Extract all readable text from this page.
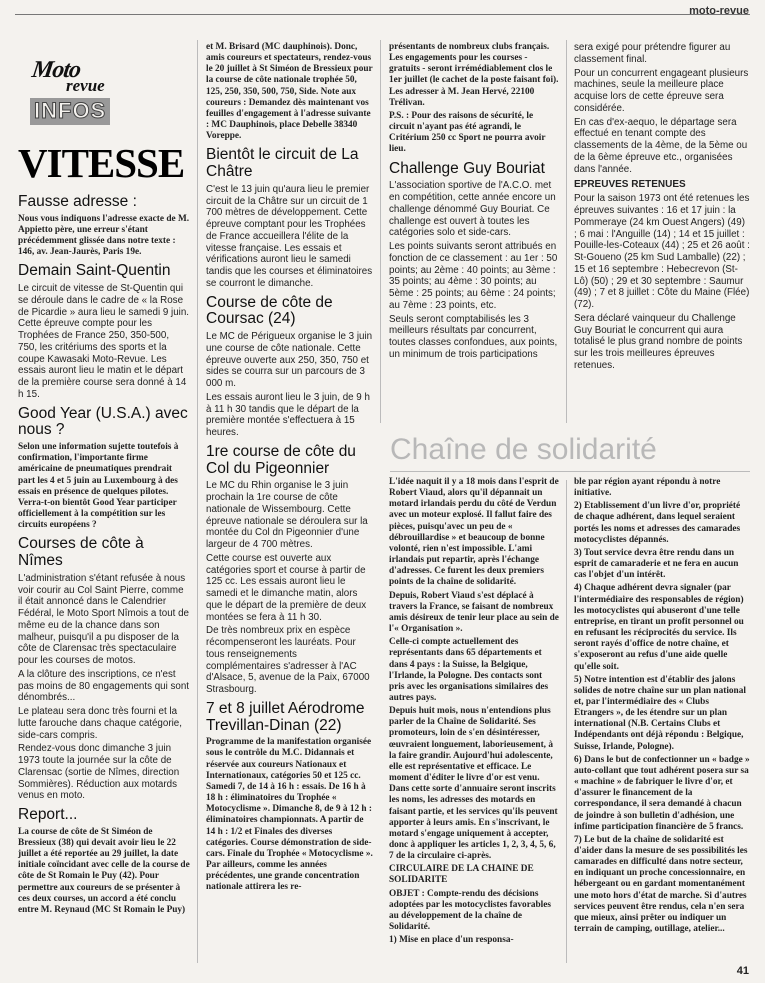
moto-revue
Moto
revue
INFOS
VITESSE
Fausse adresse :

Nous vous indiquons l'adresse exacte de M. Appietto père, une erreur s'étant précédemment glissée dans notre texte : 146, av. Jean-Jaurès, Paris 19e.

Demain Saint-Quentin

Le circuit de vitesse de St-Quentin qui se déroule dans le cadre de « la Rose de Picardie » aura lieu le samedi 9 juin. Cette épreuve compte pour les Trophées de France 250, 350-500, 750, les critériums des sports et la coupe Kawasaki Moto-Revue. Les essais auront lieu le matin et le départ de la première course sera donné à 14 h 15.

Good Year (U.S.A.) avec nous ?

Selon une information sujette toutefois à confirmation, l'importante firme américaine de pneumatiques prendrait part les 4 et 5 juin au Luxembourg à des essais en présence de quelques pilotes. Verra-t-on bientôt Good Year participer officiellement à la compétition sur les circuits européens ?

Courses de côte à Nîmes

L'administration s'étant refusée à nous voir courir au Col Saint Pierre, comme il était annoncé dans le Calendrier Fédéral, le Moto Sport Nîmois a tout de même eu de la chance dans son malheur, puisqu'il a pu disposer de la côte de Clarensac très spectaculaire pour les courses de motos.

A la clôture des inscriptions, ce n'est pas moins de 80 engagements qui sont dénombrés...

Le plateau sera donc très fourni et la lutte farouche dans chaque catégorie, side-cars compris.

Rendez-vous donc dimanche 3 juin 1973 toute la journée sur la côte de Clarensac (sortie de Nîmes, direction Sommières). Réduction aux motards venus en moto.

Report...

La course de côte de St Siméon de Bressieux (38) qui devait avoir lieu le 22 juillet a été reportée au 29 juillet, la date initiale coïncidant avec celle de la course de côte de St Romain le Puy (42). Pour permettre aux coureurs de se présenter à ces deux courses, un accord a été conclu entre M. Reynaud (MC St Romain le Puy)

et M. Brisard (MC dauphinois). Donc, amis coureurs et spectateurs, rendez-vous le 20 juillet à St Siméon de Bressieux pour la course de côte nationale trophée 50, 125, 250, 350, 500, 750, Side. Note aux coureurs : Demandez dès maintenant vos feuilles d'engagement à l'adresse suivante : MC Dauphinois, place Debelle 38340 Voreppe.

Bientôt le circuit de La Châtre

C'est le 13 juin qu'aura lieu le premier circuit de la Châtre sur un circuit de 1 700 mètres de développement. Cette épreuve comptant pour les Trophées de France accueillera l'élite de la vitesse française. Les essais et vérifications auront lieu le samedi tandis que les courses et éliminatoires se courront le dimanche.

Course de côte de Coursac (24)

Le MC de Périgueux organise le 3 juin une course de côte nationale. Cette épreuve ouverte aux 250, 350, 750 et sides se courra sur un parcours de 3 000 m.

Les essais auront lieu le 3 juin, de 9 h à 11 h 30 tandis que le départ de la première montée s'effectuera à 15 heures.

1re course de côte du Col du Pigeonnier

Le MC du Rhin organise le 3 juin prochain la 1re course de côte nationale de Wissembourg. Cette épreuve nationale se déroulera sur la montée du Col dn Pigeonnier d'une largeur de 4 700 mètres.

Cette course est ouverte aux catégories sport et course à partir de 125 cc. Les essais auront lieu le samedi et le dimanche matin, alors que le départ de la première de deux montées se fera à 11 h 30.

De très nombreux prix en espèce récompenseront les lauréats. Pour tous renseignements complémentaires s'adresser à l'AC d'Alsace, 5, avenue de la Paix, 67000 Strasbourg.

7 et 8 juillet Aérodrome Trevillan-Dinan (22)

Programme de la manifestation organisée sous le contrôle du M.C. Didannais et réservée aux coureurs Nationaux et Internationaux, catégories 50 et 125 cc. Samedi 7, de 14 à 16 h : essais. De 16 h à 18 h : éliminatoires du Trophée « Motocyclisme ». Dimanche 8, de 9 à 12 h : éliminatoires championnats. A partir de 14 h : 1/2 et Finales des diverses catégories. Course démonstration de side-cars. Finale du Trophée « Motocyclisme ». Par ailleurs, comme les années précédentes, une grande concentration nationale attirera les re-

présentants de nombreux clubs français. Les engagements pour les courses - gratuits - seront irrémédiablement clos le 1er juillet (le cachet de la poste faisant foi). Les adresser à M. Jean Hervé, 22100 Trélivan.

P.S. : Pour des raisons de sécurité, le circuit n'ayant pas été agrandi, le Critérium 250 cc Sport ne pourra avoir lieu.

Challenge Guy Bouriat

L'association sportive de l'A.C.O. met en compétition, cette année encore un challenge dénommé Guy Bouriat. Ce challenge est ouvert à toutes les catégories solo et side-cars.

Les points suivants seront attribués en fonction de ce classement : au 1er : 50 points; au 2ème : 40 points; au 3ème : 35 points; au 4ème : 30 points; au 5ème : 25 points; au 6ème : 24 points; au 7ème : 23 points, etc.

Seuls seront comptabilisés les 3 meilleurs résultats par concurrent, toutes classes confondues, aux points, un minimum de trois participations

sera exigé pour prétendre figurer au classement final.

Pour un concurrent engageant plusieurs machines, seule la meilleure place acquise lors de cette épreuve sera considérée.

En cas d'ex-aequo, le départage sera effectué en tenant compte des classements de la 4ème, de la 5ème ou de la 6ème épreuve etc., organisées dans l'année.

EPREUVES RETENUES

Pour la saison 1973 ont été retenues les épreuves suivantes : 16 et 17 juin : la Pommeraye (24 km Ouest Angers) (49) ; 6 mai : l'Anguille (14) ; 14 et 15 juillet : Pouille-les-Coteaux (44) ; 25 et 26 août : St-Goueno (25 km Sud Lamballe) (22) ; 15 et 16 septembre : Hebecrevon (St-Lô) (50) ; 29 et 30 septembre : Saumur (49) ; 7 et 8 juillet : Côte du Maine (Flée) (72).

Sera déclaré vainqueur du Challenge Guy Bouriat le concurrent qui aura totalisé le plus grand nombre de points sur les trois meilleures épreuves retenues.

Chaîne de solidarité

L'idée naquit il y a 18 mois dans l'esprit de Robert Viaud, alors qu'il dépannait un motard irlandais perdu du côté de Verdun avec un moteur explosé. Il fallut faire des pièces, puisqu'avec un peu de « débrouillardise » et beaucoup de bonne volonté, rien n'est impossible. L'ami irlandais put repartir, après l'échange d'adresses. Ce furent les deux premiers points de la chaîne de solidarité.

Depuis, Robert Viaud s'est déplacé à travers la France, se faisant de nombreux amis désireux de tenir leur place au sein de l'« Organisation ».

Celle-ci compte actuellement des représentants dans 65 départements et dans 4 pays : la Suisse, la Belgique, l'Irlande, la Pologne. Des contacts sont pris avec les organisations similaires des autres pays.

Depuis huit mois, nous n'entendions plus parler de la Chaîne de Solidarité. Ses promoteurs, loin de s'en désintéresser, œuvraient longuement, laborieusement, à la faire grandir. Aujourd'hui adolescente, elle est représentative et efficace. Le moment d'éditer le livre d'or est venu. Dans cette sorte d'annuaire seront inscrits les noms, les adresses des motards en faisant partie, et les services qu'ils peuvent apporter à leurs amis. En s'inscrivant, le motard s'engage uniquement à accepter, donc à appliquer les articles 1, 2, 3, 4, 5, 6, 7 de la circulaire ci-après.

CIRCULAIRE DE LA CHAINE DE SOLIDARITE

OBJET : Compte-rendu des décisions adoptées par les motocyclistes favorables au développement de la chaîne de Solidarité.

1) Mise en place d'un responsa-

ble par région ayant répondu à notre initiative.

2) Etablissement d'un livre d'or, propriété de chaque adhérent, dans lequel seraient portés les noms et adresses des camarades motocyclistes dépannés.

3) Tout service devra être rendu dans un esprit de camaraderie et ne fera en aucun cas l'objet d'un intérêt.

4) Chaque adhérent devra signaler (par l'intermédiaire des responsables de région) les motocyclistes qui abuseront d'une telle entreprise, en tirant un profit personnel ou en refusant les réciprocités du service. Ils seront rayés d'office de notre chaîne, et s'exposeront au refus d'une aide quelle qu'elle soit.

5) Notre intention est d'établir des jalons solides de notre chaîne sur un plan national et, par l'intermédiaire des « Clubs Etrangers », de les étendre sur un plan international (N.B. Certains Clubs et Indépendants ont déjà répondu : Belgique, Suisse, Irlande, Pologne).

6) Dans le but de confectionner un « badge » auto-collant que tout adhérent posera sur sa « machine » de fabriquer le livre d'or, et d'assurer le financement de la correspondance, il sera demandé à chacun de joindre à son bulletin d'adhésion, une infime participation financière de 5 francs.

7) Le but de la chaîne de solidarité est d'aider dans la mesure de ses possibilités les camarades en difficulté dans notre secteur, en indiquant un proche concessionnaire, en hébergeant ou en gardant momentanément une moto hors d'état de marche. Si d'autres services peuvent être rendus, cela n'en sera que mieux, ainsi prêter ou indiquer un terrain de camping, outillage, atelier...

41
